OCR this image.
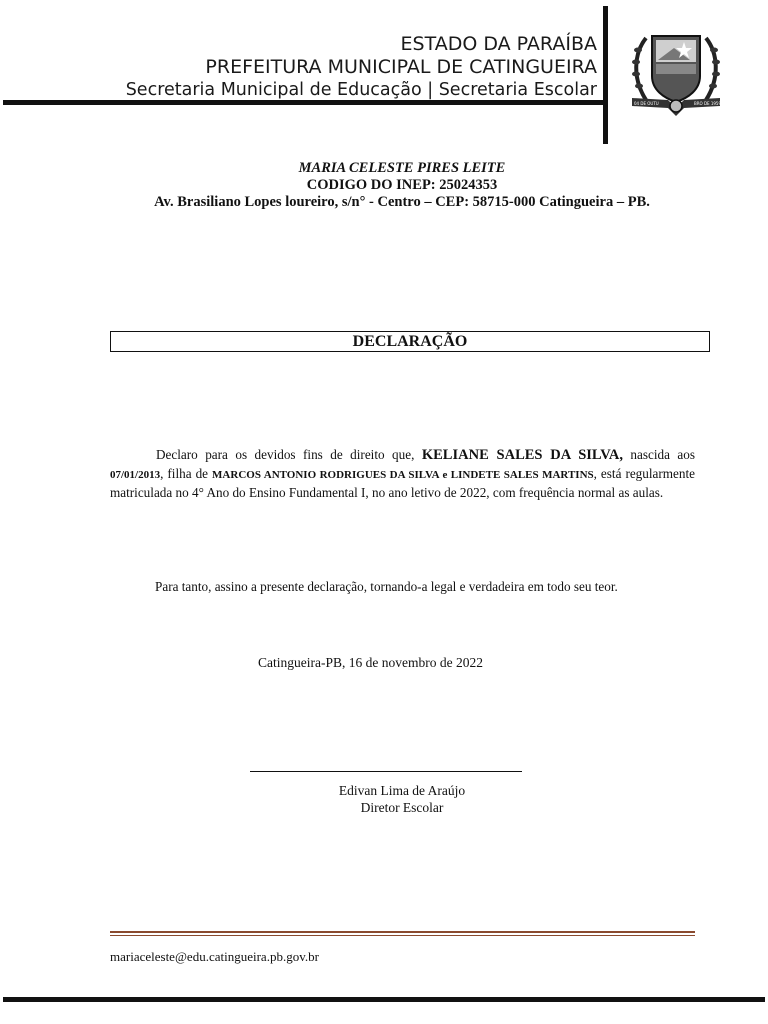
ESTADO DA PARAÍBA
PREFEITURA MUNICIPAL DE CATINGUEIRA
Secretaria Municipal de Educação | Secretaria Escolar
04 DE OUTU	BRO DE 1959
MARIA CELESTE PIRES LEITE
CODIGO DO INEP: 25024353
Av. Brasiliano Lopes loureiro, s/n° - Centro – CEP: 58715-000 Catingueira – PB.
DECLARAÇÃO

Declaro para os devidos fins de direito que, KELIANE SALES DA SILVA, nascida aos 07/01/2013, filha de MARCOS ANTONIO RODRIGUES DA SILVA e LINDETE SALES MARTINS, está regularmente matriculada no 4° Ano do Ensino Fundamental I, no ano letivo de 2022, com frequência normal as aulas.

Para tanto, assino a presente declaração, tornando-a legal e verdadeira em todo seu teor.

Catingueira-PB, 16 de novembro de 2022
Edivan Lima de Araújo
Diretor Escolar
mariaceleste@edu.catingueira.pb.gov.br
